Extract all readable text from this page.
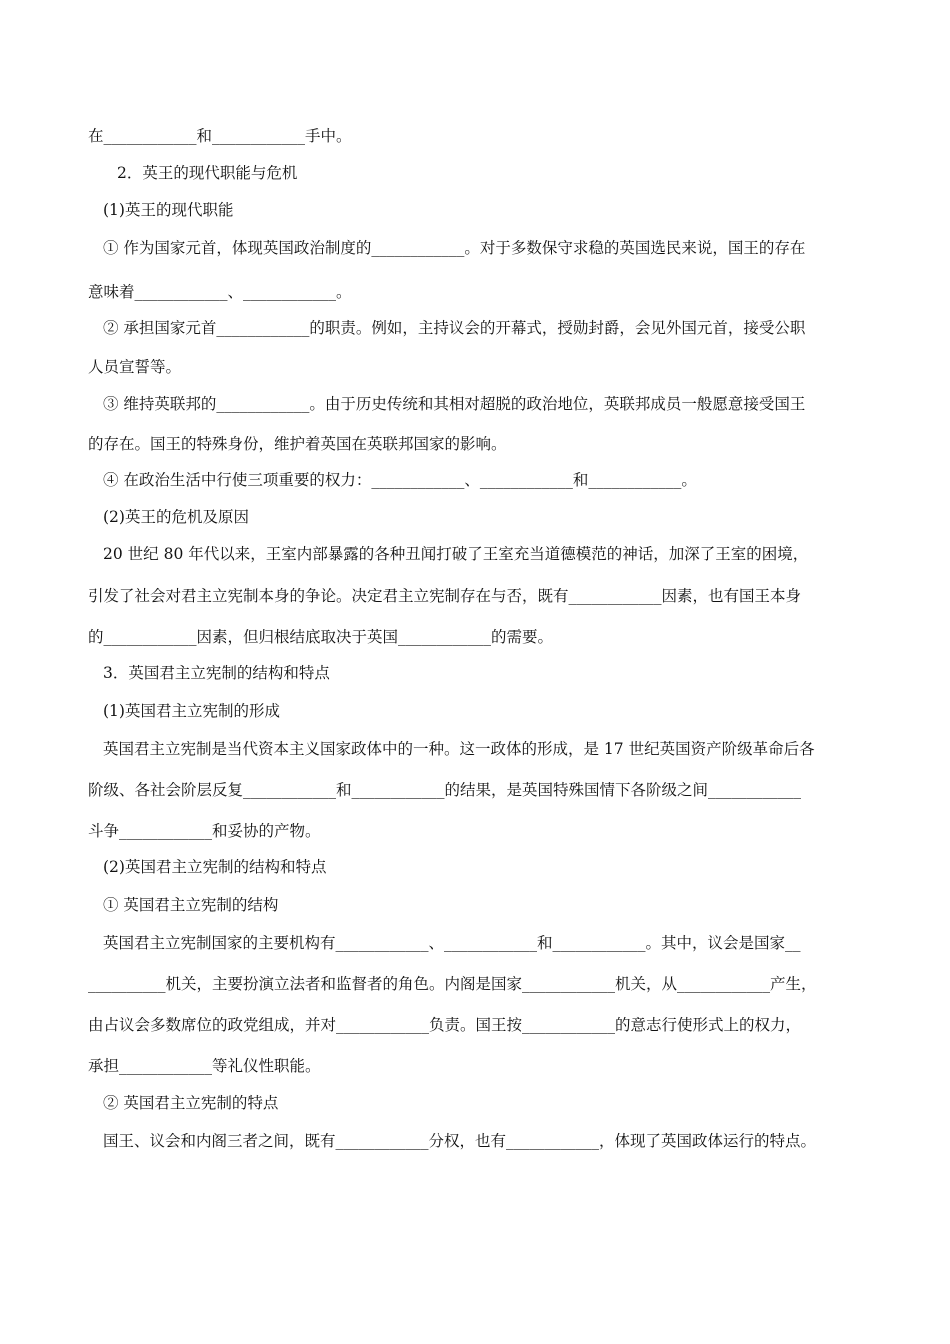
在____________和____________手中。
2．英王的现代职能与危机
(1)英王的现代职能
① 作为国家元首，体现英国政治制度的____________。对于多数保守求稳的英国选民来说，国王的存在
意味着____________、____________。
② 承担国家元首____________的职责。例如，主持议会的开幕式，授勋封爵，会见外国元首，接受公职
人员宣誓等。
③ 维持英联邦的____________。由于历史传统和其相对超脱的政治地位，英联邦成员一般愿意接受国王
的存在。国王的特殊身份，维护着英国在英联邦国家的影响。
④ 在政治生活中行使三项重要的权力：____________、____________和____________。
(2)英王的危机及原因
20 世纪 80 年代以来，王室内部暴露的各种丑闻打破了王室充当道德模范的神话，加深了王室的困境，
引发了社会对君主立宪制本身的争论。决定君主立宪制存在与否，既有____________因素，也有国王本身
的____________因素，但归根结底取决于英国____________的需要。
3．英国君主立宪制的结构和特点
(1)英国君主立宪制的形成
英国君主立宪制是当代资本主义国家政体中的一种。这一政体的形成，是 17 世纪英国资产阶级革命后各
阶级、各社会阶层反复____________和____________的结果，是英国特殊国情下各阶级之间____________
斗争____________和妥协的产物。
(2)英国君主立宪制的结构和特点
① 英国君主立宪制的结构
英国君主立宪制国家的主要机构有____________、____________和____________。其中，议会是国家__
__________机关，主要扮演立法者和监督者的角色。内阁是国家____________机关，从____________产生，
由占议会多数席位的政党组成，并对____________负责。国王按____________的意志行使形式上的权力，
承担____________等礼仪性职能。
② 英国君主立宪制的特点
国王、议会和内阁三者之间，既有____________分权，也有____________，体现了英国政体运行的特点。
